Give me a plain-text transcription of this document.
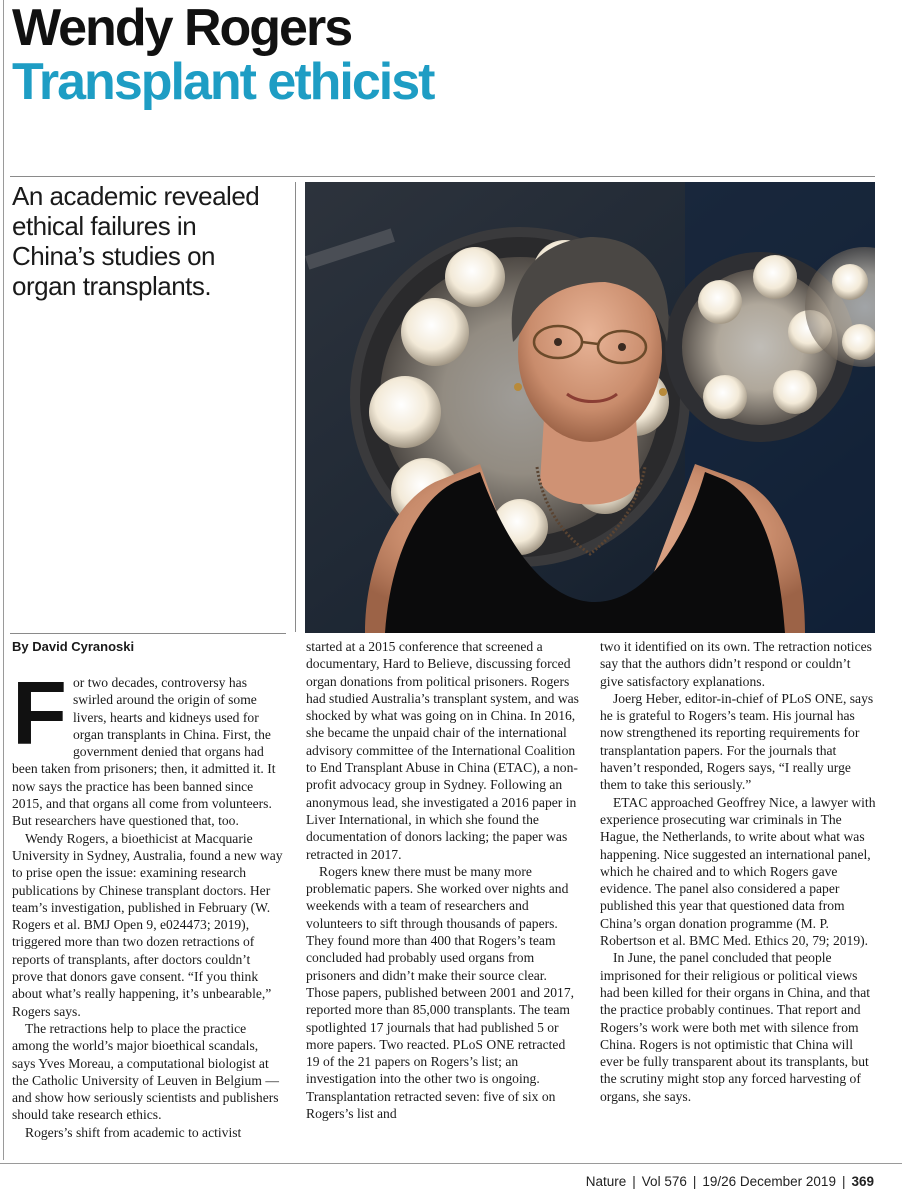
Wendy Rogers
Transplant ethicist
An academic revealed ethical failures in China’s studies on organ transplants.
By David Cyranoski
F or two decades, controversy has swirled around the origin of some livers, hearts and kidneys used for organ transplants in China. First, the government denied that organs had been taken from prisoners; then, it admitted it. It now says the practice has been banned since 2015, and that organs all come from volunteers. But researchers have questioned that, too.

Wendy Rogers, a bioethicist at Macquarie University in Sydney, Australia, found a new way to prise open the issue: examining research publications by Chinese transplant doctors. Her team’s investigation, published in February (W. Rogers et al. BMJ Open 9, e024473; 2019), triggered more than two dozen retractions of reports of transplants, after doctors couldn’t prove that donors gave consent. “If you think about what’s really happening, it’s unbearable,” Rogers says.

The retractions help to place the practice among the world’s major bioethical scandals, says Yves Moreau, a computational biologist at the Catholic University of Leuven in Belgium — and show how seriously scientists and publishers should take research ethics.

Rogers’s shift from academic to activist

started at a 2015 conference that screened a documentary, Hard to Believe, discussing forced organ donations from political prisoners. Rogers had studied Australia’s transplant system, and was shocked by what was going on in China. In 2016, she became the unpaid chair of the international advisory committee of the International Coalition to End Transplant Abuse in China (ETAC), a non-profit advocacy group in Sydney. Following an anonymous lead, she investigated a 2016 paper in Liver International, in which she found the documentation of donors lacking; the paper was retracted in 2017.

Rogers knew there must be many more problematic papers. She worked over nights and weekends with a team of researchers and volunteers to sift through thousands of papers. They found more than 400 that Rogers’s team concluded had probably used organs from prisoners and didn’t make their source clear. Those papers, published between 2001 and 2017, reported more than 85,000 transplants. The team spotlighted 17 journals that had published 5 or more papers. Two reacted. PLoS ONE retracted 19 of the 21 papers on Rogers’s list; an investigation into the other two is ongoing. Transplantation retracted seven: five of six on Rogers’s list and

two it identified on its own. The retraction notices say that the authors didn’t respond or couldn’t give satisfactory explanations.

Joerg Heber, editor-in-chief of PLoS ONE, says he is grateful to Rogers’s team. His journal has now strengthened its reporting requirements for transplantation papers. For the journals that haven’t responded, Rogers says, “I really urge them to take this seriously.”

ETAC approached Geoffrey Nice, a lawyer with experience prosecuting war criminals in The Hague, the Netherlands, to write about what was happening. Nice suggested an international panel, which he chaired and to which Rogers gave evidence. The panel also considered a paper published this year that questioned data from China’s organ donation programme (M. P. Robertson et al. BMC Med. Ethics 20, 79; 2019).

In June, the panel concluded that people imprisoned for their religious or political views had been killed for their organs in China, and that the practice probably continues. That report and Rogers’s work were both met with silence from China. Rogers is not optimistic that China will ever be fully transparent about its transplants, but the scrutiny might stop any forced harvesting of organs, she says.

Nature | Vol 576 | 19/26 December 2019 | 369
